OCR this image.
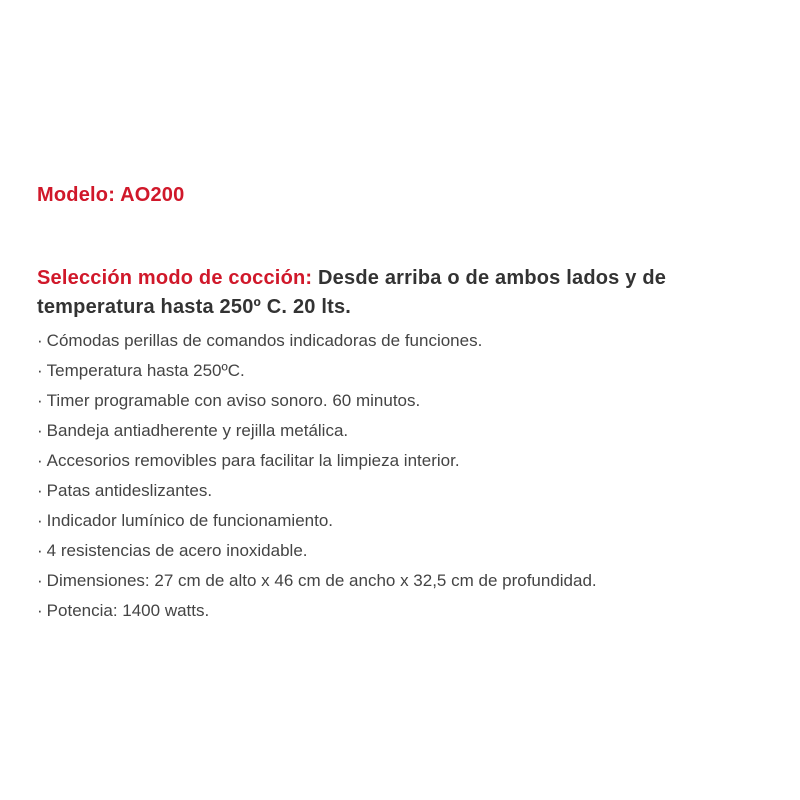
Modelo: AO200

Selección modo de cocción: Desde arriba o de ambos lados y de temperatura hasta 250º C. 20 lts.

· Cómodas perillas de comandos indicadoras de funciones.
· Temperatura hasta 250ºC.
· Timer programable con aviso sonoro. 60 minutos.
· Bandeja antiadherente y rejilla metálica.
· Accesorios removibles para facilitar la limpieza interior.
· Patas antideslizantes.
· Indicador lumínico de funcionamiento.
· 4 resistencias de acero inoxidable.
· Dimensiones: 27 cm de alto x 46 cm de ancho x 32,5 cm de profundidad.
· Potencia: 1400 watts.
